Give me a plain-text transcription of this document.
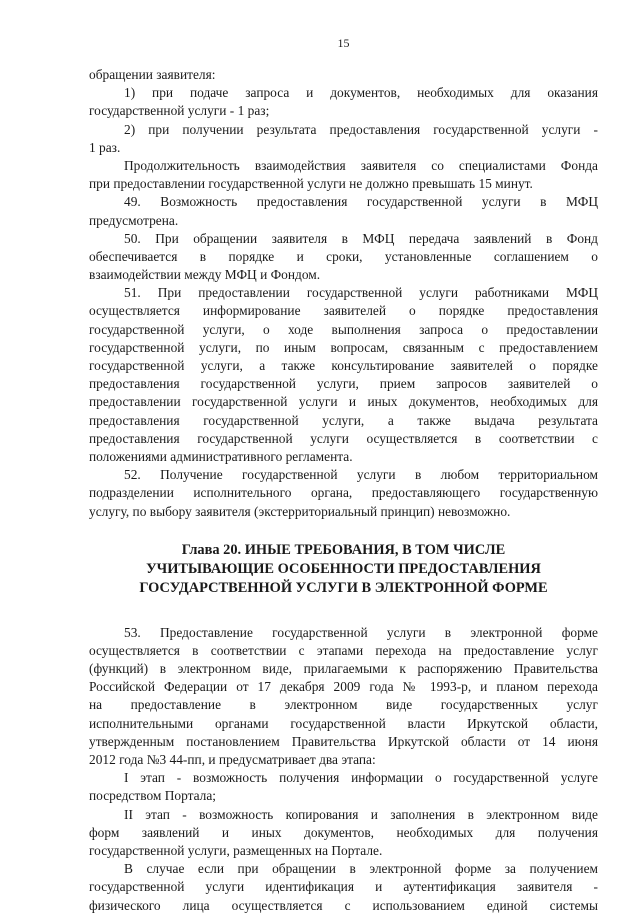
15
обращении заявителя:
1) при подаче запроса и документов, необходимых для оказания
государственной услуги - 1 раз;
2) при получении результата предоставления государственной услуги -
1 раз.
Продолжительность взаимодействия заявителя со специалистами Фонда
при предоставлении государственной услуги не должно превышать 15 минут.
49. Возможность предоставления государственной услуги в МФЦ
предусмотрена.
50. При обращении заявителя в МФЦ передача заявлений в Фонд
обеспечивается в порядке и сроки, установленные соглашением о
взаимодействии между МФЦ и Фондом.
51. При предоставлении государственной услуги работниками МФЦ
осуществляется информирование заявителей о порядке предоставления
государственной услуги, о ходе выполнения запроса о предоставлении
государственной услуги, по иным вопросам, связанным с предоставлением
государственной услуги, а также консультирование заявителей о порядке
предоставления государственной услуги, прием запросов заявителей о
предоставлении государственной услуги и иных документов, необходимых для
предоставления государственной услуги, а также выдача результата
предоставления государственной услуги осуществляется в соответствии с
положениями административного регламента.
52. Получение государственной услуги в любом территориальном
подразделении исполнительного органа, предоставляющего государственную
услугу, по выбору заявителя (экстерриториальный принцип) невозможно.
Глава 20. ИНЫЕ ТРЕБОВАНИЯ, В ТОМ ЧИСЛЕ
УЧИТЫВАЮЩИЕ ОСОБЕННОСТИ ПРЕДОСТАВЛЕНИЯ
ГОСУДАРСТВЕННОЙ УСЛУГИ В ЭЛЕКТРОННОЙ ФОРМЕ
53. Предоставление государственной услуги в электронной форме
осуществляется в соответствии с этапами перехода на предоставление услуг
(функций) в электронном виде, прилагаемыми к распоряжению Правительства
Российской Федерации от 17 декабря 2009 года № 1993-р, и планом перехода
на предоставление в электронном виде государственных услуг
исполнительными органами государственной власти Иркутской области,
утвержденным постановлением Правительства Иркутской области от 14 июня
2012 года №3 44-пп, и предусматривает два этапа:
I этап - возможность получения информации о государственной услуге
посредством Портала;
II этап - возможность копирования и заполнения в электронном виде
форм заявлений и иных документов, необходимых для получения
государственной услуги, размещенных на Портале.
В случае если при обращении в электронной форме за получением
государственной услуги идентификация и аутентификация заявителя -
физического лица осуществляется с использованием единой системы
